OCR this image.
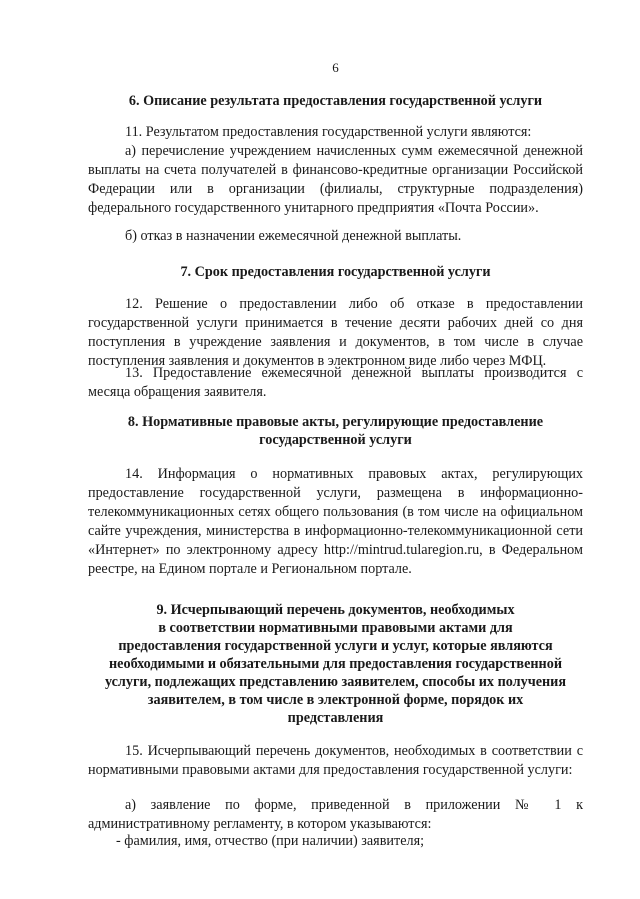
6
6. Описание результата предоставления государственной услуги

11. Результатом предоставления государственной услуги являются:

а) перечисление учреждением начисленных сумм ежемесячной денежной выплаты на счета получателей в финансово-кредитные организации Российской Федерации или в организации (филиалы, структурные подразделения) федерального государственного унитарного предприятия «Почта России».

б) отказ в назначении ежемесячной денежной выплаты.

7. Срок предоставления государственной услуги

12. Решение о предоставлении либо об отказе в предоставлении государственной услуги принимается в течение десяти рабочих дней со дня поступления в учреждение заявления и документов, в том числе в случае поступления заявления и документов в электронном виде либо через МФЦ.

13. Предоставление ежемесячной денежной выплаты производится с месяца обращения заявителя.

8. Нормативные правовые акты, регулирующие предоставление
государственной услуги

14. Информация о нормативных правовых актах, регулирующих предоставление государственной услуги, размещена в информационно-телекоммуникационных сетях общего пользования (в том числе на официальном сайте учреждения, министерства в информационно-телекоммуникационной сети «Интернет» по электронному адресу http://mintrud.tularegion.ru, в Федеральном реестре, на Едином портале и Региональном портале.

9. Исчерпывающий перечень документов, необходимых
в соответствии нормативными правовыми актами для
предоставления государственной услуги и услуг, которые являются
необходимыми и обязательными для предоставления государственной
услуги, подлежащих представлению заявителем, способы их получения
заявителем, в том числе в электронной форме, порядок их
представления

15. Исчерпывающий перечень документов, необходимых в соответствии с нормативными правовыми актами для предоставления государственной услуги:

а) заявление по форме, приведенной в приложении № 1 к административному регламенту, в котором указываются:

- фамилия, имя, отчество (при наличии) заявителя;
